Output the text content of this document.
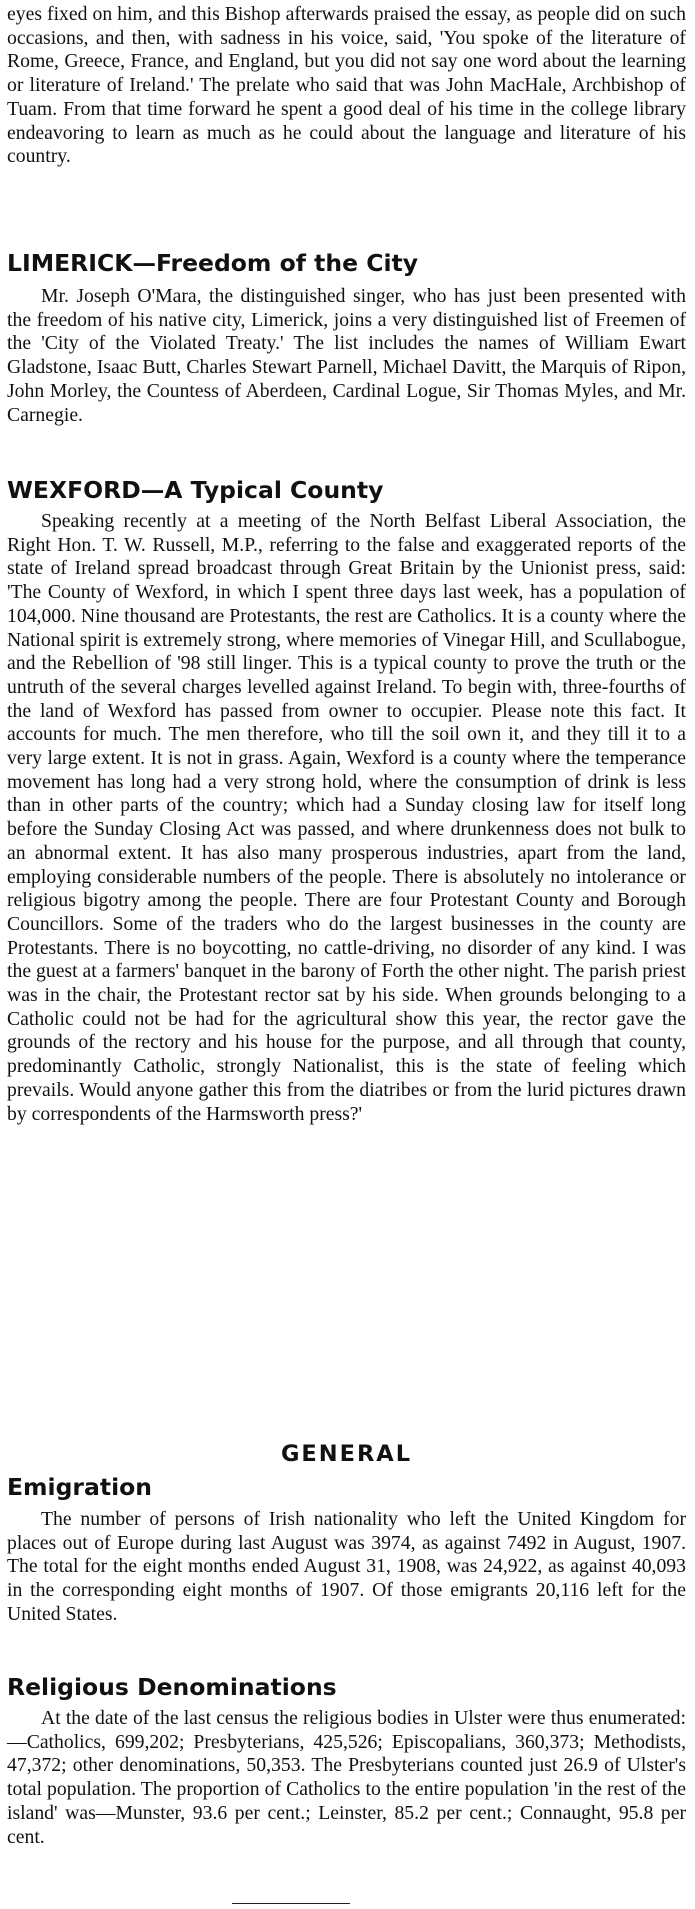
eyes fixed on him, and this Bishop afterwards praised the essay, as people did on such occasions, and then, with sadness in his voice, said, 'You spoke of the literature of Rome, Greece, France, and England, but you did not say one word about the learning or literature of Ireland.' The prelate who said that was John MacHale, Archbishop of Tuam. From that time forward he spent a good deal of his time in the college library endeavoring to learn as much as he could about the language and literature of his country.

LIMERICK—Freedom of the City

Mr. Joseph O'Mara, the distinguished singer, who has just been presented with the freedom of his native city, Limerick, joins a very distinguished list of Freemen of the 'City of the Violated Treaty.' The list includes the names of William Ewart Gladstone, Isaac Butt, Charles Stewart Parnell, Michael Davitt, the Marquis of Ripon, John Morley, the Countess of Aberdeen, Cardinal Logue, Sir Thomas Myles, and Mr. Carnegie.

WEXFORD—A Typical County

Speaking recently at a meeting of the North Belfast Liberal Association, the Right Hon. T. W. Russell, M.P., referring to the false and exaggerated reports of the state of Ireland spread broadcast through Great Britain by the Unionist press, said: 'The County of Wexford, in which I spent three days last week, has a population of 104,000. Nine thousand are Protestants, the rest are Catholics. It is a county where the National spirit is extremely strong, where memories of Vinegar Hill, and Scullabogue, and the Rebellion of '98 still linger. This is a typical county to prove the truth or the untruth of the several charges levelled against Ireland. To begin with, three-fourths of the land of Wexford has passed from owner to occupier. Please note this fact. It accounts for much. The men therefore, who till the soil own it, and they till it to a very large extent. It is not in grass. Again, Wexford is a county where the temperance movement has long had a very strong hold, where the consumption of drink is less than in other parts of the country; which had a Sunday closing law for itself long before the Sunday Closing Act was passed, and where drunkenness does not bulk to an abnormal extent. It has also many prosperous industries, apart from the land, employing considerable numbers of the people. There is absolutely no intolerance or religious bigotry among the people. There are four Protestant County and Borough Councillors. Some of the traders who do the largest businesses in the county are Protestants. There is no boycotting, no cattle-driving, no disorder of any kind. I was the guest at a farmers' banquet in the barony of Forth the other night. The parish priest was in the chair, the Protestant rector sat by his side. When grounds belonging to a Catholic could not be had for the agricultural show this year, the rector gave the grounds of the rectory and his house for the purpose, and all through that county, predominantly Catholic, strongly Nationalist, this is the state of feeling which prevails. Would anyone gather this from the diatribes or from the lurid pictures drawn by correspondents of the Harmsworth press?'

GENERAL
Emigration

The number of persons of Irish nationality who left the United Kingdom for places out of Europe during last August was 3974, as against 7492 in August, 1907. The total for the eight months ended August 31, 1908, was 24,922, as against 40,093 in the corresponding eight months of 1907. Of those emigrants 20,116 left for the United States.

Religious Denominations

At the date of the last census the religious bodies in Ulster were thus enumerated:—Catholics, 699,202; Presbyterians, 425,526; Episcopalians, 360,373; Methodists, 47,372; other denominations, 50,353. The Presbyterians counted just 26.9 of Ulster's total population. The proportion of Catholics to the entire population 'in the rest of the island' was—Munster, 93.6 per cent.; Leinster, 85.2 per cent.; Connaught, 95.8 per cent.
